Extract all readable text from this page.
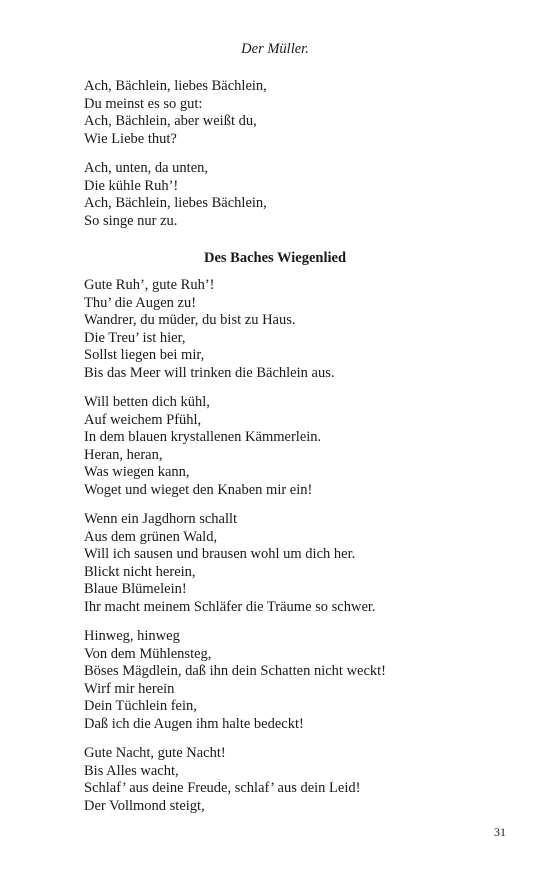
Der Müller.
Ach, Bächlein, liebes Bächlein,
Du meinst es so gut:
Ach, Bächlein, aber weißt du,
Wie Liebe thut?
Ach, unten, da unten,
Die kühle Ruh’!
Ach, Bächlein, liebes Bächlein,
So singe nur zu.
Des Baches Wiegenlied
Gute Ruh’, gute Ruh’!
Thu’ die Augen zu!
Wandrer, du müder, du bist zu Haus.
Die Treu’ ist hier,
Sollst liegen bei mir,
Bis das Meer will trinken die Bächlein aus.
Will betten dich kühl,
Auf weichem Pfühl,
In dem blauen krystallenen Kämmerlein.
Heran, heran,
Was wiegen kann,
Woget und wieget den Knaben mir ein!
Wenn ein Jagdhorn schallt
Aus dem grünen Wald,
Will ich sausen und brausen wohl um dich her.
Blickt nicht herein,
Blaue Blümelein!
Ihr macht meinem Schläfer die Träume so schwer.
Hinweg, hinweg
Von dem Mühlensteg,
Böses Mägdlein, daß ihn dein Schatten nicht weckt!
Wirf mir herein
Dein Tüchlein fein,
Daß ich die Augen ihm halte bedeckt!
Gute Nacht, gute Nacht!
Bis Alles wacht,
Schlaf’ aus deine Freude, schlaf’ aus dein Leid!
Der Vollmond steigt,
31
